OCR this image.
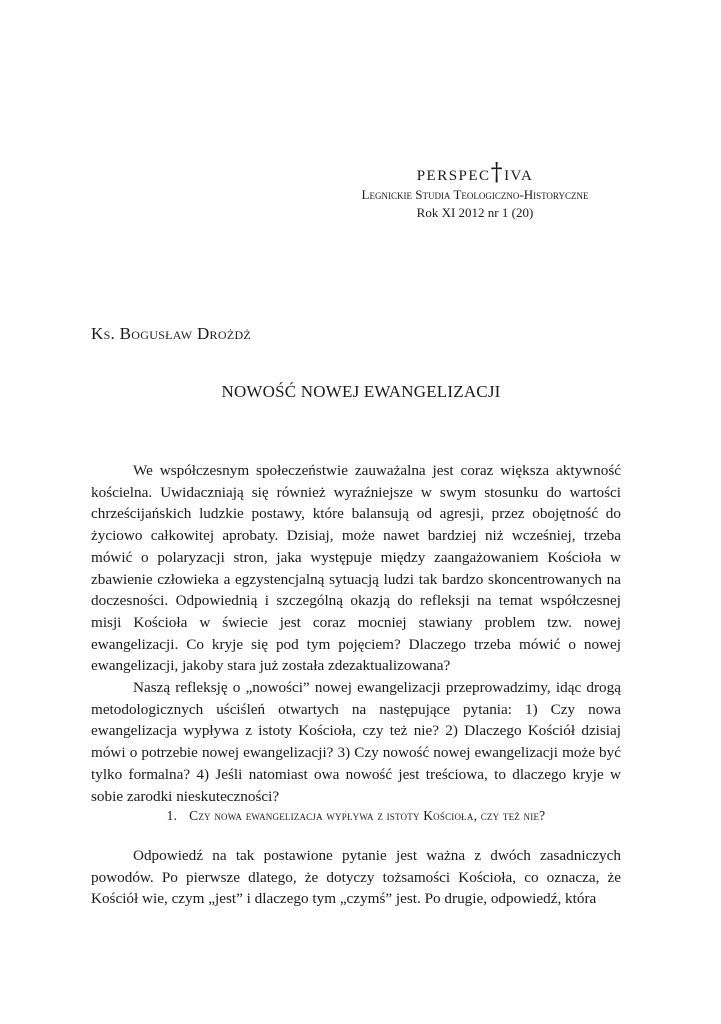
perspec†iva
Legnickie Studia Teologiczno-Historyczne
Rok XI 2012 nr 1 (20)
Ks. Bogusław Drożdż
NOWOŚĆ NOWEJ EWANGELIZACJI

We współczesnym społeczeństwie zauważalna jest coraz większa aktywność kościelna. Uwidaczniają się również wyraźniejsze w swym stosunku do wartości chrześcijańskich ludzkie postawy, które balansują od agresji, przez obojętność do życiowo całkowitej aprobaty. Dzisiaj, może nawet bardziej niż wcześniej, trzeba mówić o polaryzacji stron, jaka występuje między zaangażowaniem Kościoła w zbawienie człowieka a egzystencjalną sytuacją ludzi tak bardzo skoncentrowanych na doczesności. Odpowiednią i szczególną okazją do refleksji na temat współczesnej misji Kościoła w świecie jest coraz mocniej stawiany problem tzw. nowej ewangelizacji. Co kryje się pod tym pojęciem? Dlaczego trzeba mówić o nowej ewangelizacji, jakoby stara już została zdezaktualizowana?

Naszą refleksję o „nowości” nowej ewangelizacji przeprowadzimy, idąc drogą metodologicznych uściśleń otwartych na następujące pytania: 1) Czy nowa ewangelizacja wypływa z istoty Kościoła, czy też nie? 2) Dlaczego Kościół dzisiaj mówi o potrzebie nowej ewangelizacji? 3) Czy nowość nowej ewangelizacji może być tylko formalna? 4) Jeśli natomiast owa nowość jest treściowa, to dlaczego kryje w sobie zarodki nieskuteczności?

1. Czy nowa ewangelizacja wypływa z istoty Kościoła, czy też nie?

Odpowiedź na tak postawione pytanie jest ważna z dwóch zasadniczych powodów. Po pierwsze dlatego, że dotyczy tożsamości Kościoła, co oznacza, że Kościół wie, czym „jest” i dlaczego tym „czymś” jest. Po drugie, odpowiedź, która
